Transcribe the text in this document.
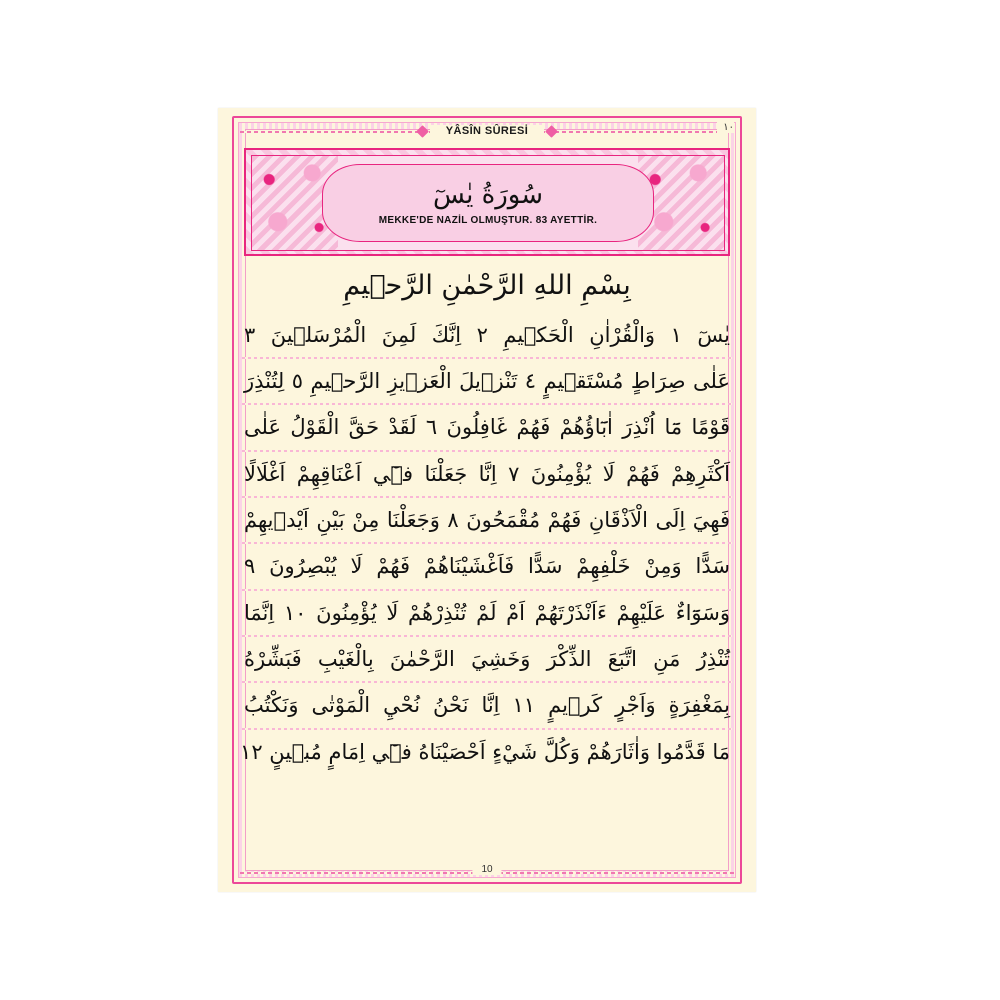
YÂSÎN SÛRESİ	١٠
سُورَةُ يٰسٓ
MEKKE'DE NAZİL OLMUŞTUR. 83 AYETTİR.
بِسْمِ اللهِ الرَّحْمٰنِ الرَّحٖيمِ
يٰسٓ ١ وَالْقُرْاٰنِ الْحَكٖيمِ ٢ اِنَّكَ لَمِنَ الْمُرْسَلٖينَ ٣
عَلٰى صِرَاطٍ مُسْتَقٖيمٍ ٤ تَنْزٖيلَ الْعَزٖيزِ الرَّحٖيمِ ٥ لِتُنْذِرَ
قَوْمًا مَٓا اُنْذِرَ اٰبَٓاؤُهُمْ فَهُمْ غَافِلُونَ ٦ لَقَدْ حَقَّ الْقَوْلُ عَلٰى
اَكْثَرِهِمْ فَهُمْ لَا يُؤْمِنُونَ ٧ اِنَّا جَعَلْنَا فٖٓي اَعْنَاقِهِمْ اَغْلَالًا
فَهِيَ اِلَى الْاَذْقَانِ فَهُمْ مُقْمَحُونَ ٨ وَجَعَلْنَا مِنْ بَيْنِ اَيْدٖيهِمْ
سَدًّا وَمِنْ خَلْفِهِمْ سَدًّا فَاَغْشَيْنَاهُمْ فَهُمْ لَا يُبْصِرُونَ ٩
وَسَوَٓاءٌ عَلَيْهِمْ ءَاَنْذَرْتَهُمْ اَمْ لَمْ تُنْذِرْهُمْ لَا يُؤْمِنُونَ ١٠ اِنَّمَا
تُنْذِرُ مَنِ اتَّبَعَ الذِّكْرَ وَخَشِيَ الرَّحْمٰنَ بِالْغَيْبِ فَبَشِّرْهُ
بِمَغْفِرَةٍ وَاَجْرٍ كَرٖيمٍ ١١ اِنَّا نَحْنُ نُحْيِ الْمَوْتٰى وَنَكْتُبُ
مَا قَدَّمُوا وَاٰثَارَهُمْ وَكُلَّ شَيْءٍ اَحْصَيْنَاهُ فٖٓي اِمَامٍ مُبٖينٍ ١٢
10
